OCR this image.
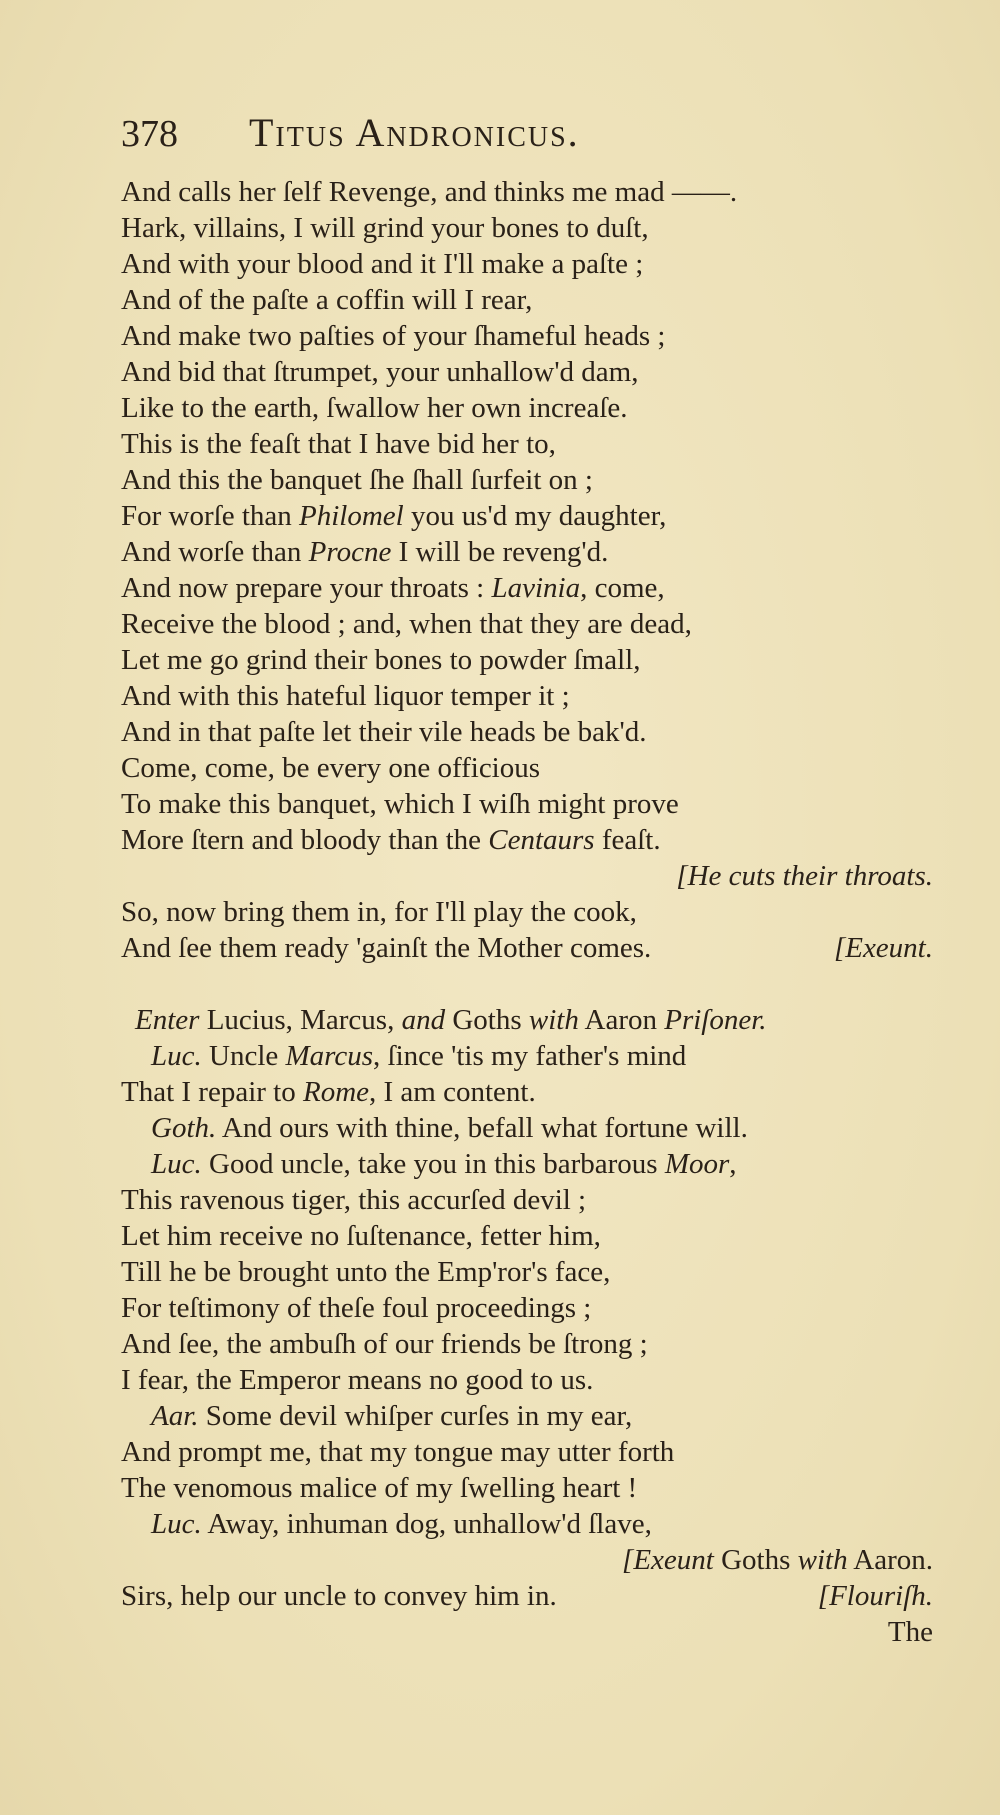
378 Titus Andronicus.
And calls her ſelf Revenge, and thinks me mad ——.
Hark, villains, I will grind your bones to duſt,
And with your blood and it I'll make a paſte ;
And of the paſte a coffin will I rear,
And make two paſties of your ſhameful heads ;
And bid that ſtrumpet, your unhallow'd dam,
Like to the earth, ſwallow her own increaſe.
This is the feaſt that I have bid her to,
And this the banquet ſhe ſhall ſurfeit on ;
For worſe than Philomel you us'd my daughter,
And worſe than Procne I will be reveng'd.
And now prepare your throats : Lavinia, come,
Receive the blood ; and, when that they are dead,
Let me go grind their bones to powder ſmall,
And with this hateful liquor temper it ;
And in that paſte let their vile heads be bak'd.
Come, come, be every one officious
To make this banquet, which I wiſh might prove
More ſtern and bloody than the Centaurs feaſt.
[He cuts their throats.
So, now bring them in, for I'll play the cook,
And ſee them ready 'gainſt the Mother comes.	[Exeunt.
Enter Lucius, Marcus, and Goths with Aaron Priſoner.
Luc. Uncle Marcus, ſince 'tis my father's mind
That I repair to Rome, I am content.
Goth. And ours with thine, befall what fortune will.
Luc. Good uncle, take you in this barbarous Moor,
This ravenous tiger, this accurſed devil ;
Let him receive no ſuſtenance, fetter him,
Till he be brought unto the Emp'ror's face,
For teſtimony of theſe foul proceedings ;
And ſee, the ambuſh of our friends be ſtrong ;
I fear, the Emperor means no good to us.
Aar. Some devil whiſper curſes in my ear,
And prompt me, that my tongue may utter forth
The venomous malice of my ſwelling heart !
Luc. Away, inhuman dog, unhallow'd ſlave,
[Exeunt Goths with Aaron.
Sirs, help our uncle to convey him in.	[Flouriſh.
The
